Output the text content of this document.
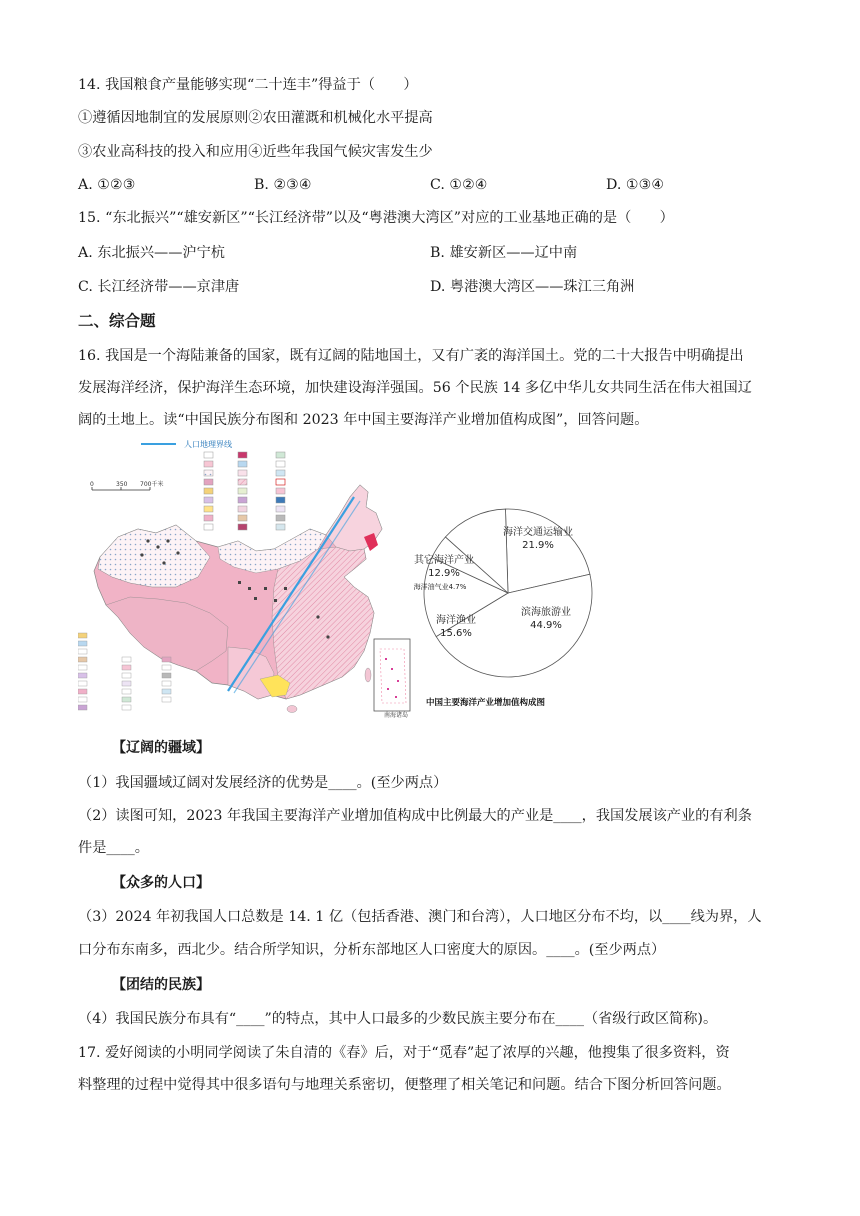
14. 我国粮食产量能够实现“二十连丰”得益于（　　）
①遵循因地制宜的发展原则②农田灌溉和机械化水平提高
③农业高科技的投入和应用④近些年我国气候灾害发生少
A. ①②③	B. ②③④	C. ①②④	D. ①③④
15. “东北振兴”“雄安新区”“长江经济带”以及“粤港澳大湾区”对应的工业基地正确的是（　　）
A. 东北振兴——沪宁杭	B. 雄安新区——辽中南
C. 长江经济带——京津唐	D. 粤港澳大湾区——珠江三角洲
二、综合题
16. 我国是一个海陆兼备的国家，既有辽阔的陆地国土，又有广袤的海洋国土。党的二十大报告中明确提出
发展海洋经济，保护海洋生态环境，加快建设海洋强国。56 个民族 14 多亿中华儿女共同生活在伟大祖国辽
阔的土地上。读“中国民族分布图和 2023 年中国主要海洋产业增加值构成图”，回答问题。
人口地理界线
0	350 700千米
南海诸岛
海洋交通运输业
21.9%
滨海旅游业
44.9%
海洋渔业
15.6%
海洋油气业4.7%
其它海洋产业
12.9%
中国主要海洋产业增加值构成图
【辽阔的疆域】
（1）我国疆域辽阔对发展经济的优势是____。(至少两点）
（2）读图可知，2023 年我国主要海洋产业增加值构成中比例最大的产业是____，我国发展该产业的有利条
件是____。
【众多的人口】
（3）2024 年初我国人口总数是 14. 1 亿（包括香港、澳门和台湾），人口地区分布不均，以____线为界，人
口分布东南多，西北少。结合所学知识，分析东部地区人口密度大的原因。____。(至少两点）
【团结的民族】
（4）我国民族分布具有“____”的特点，其中人口最多的少数民族主要分布在____（省级行政区简称)。
17. 爱好阅读的小明同学阅读了朱自清的《春》后，对于“觅春”起了浓厚的兴趣，他搜集了很多资料，资
料整理的过程中觉得其中很多语句与地理关系密切，便整理了相关笔记和问题。结合下图分析回答问题。
